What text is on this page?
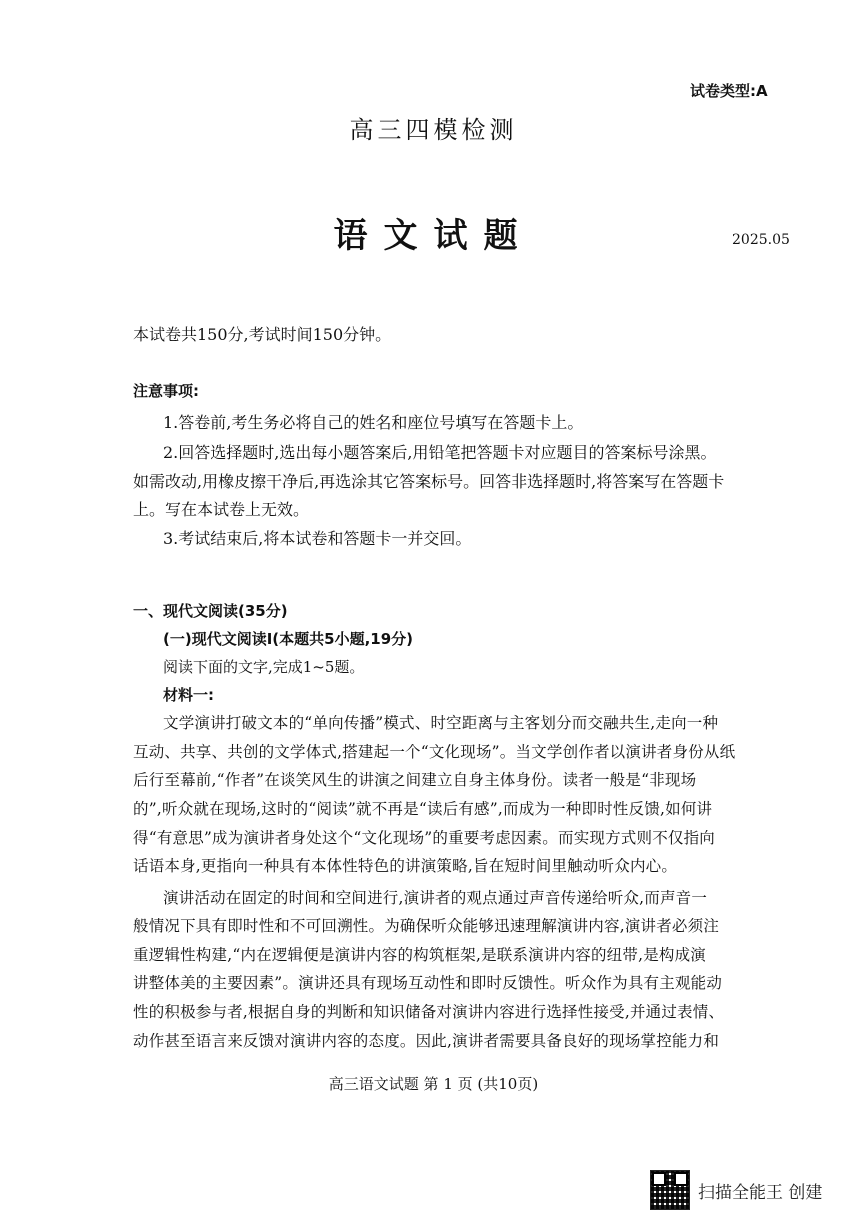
试卷类型:A
高三四模检测
语文试题	2025.05
本试卷共150分,考试时间150分钟。
注意事项:
1.答卷前,考生务必将自己的姓名和座位号填写在答题卡上。
2.回答选择题时,选出每小题答案后,用铅笔把答题卡对应题目的答案标号涂黑。
如需改动,用橡皮擦干净后,再选涂其它答案标号。回答非选择题时,将答案写在答题卡
上。写在本试卷上无效。
3.考试结束后,将本试卷和答题卡一并交回。
一、现代文阅读(35分)
(一)现代文阅读I(本题共5小题,19分)
阅读下面的文字,完成1~5题。
材料一:
文学演讲打破文本的“单向传播”模式、时空距离与主客划分而交融共生,走向一种
互动、共享、共创的文学体式,搭建起一个“文化现场”。当文学创作者以演讲者身份从纸
后行至幕前,“作者”在谈笑风生的讲演之间建立自身主体身份。读者一般是“非现场
的”,听众就在现场,这时的“阅读”就不再是“读后有感”,而成为一种即时性反馈,如何讲
得“有意思”成为演讲者身处这个“文化现场”的重要考虑因素。而实现方式则不仅指向
话语本身,更指向一种具有本体性特色的讲演策略,旨在短时间里触动听众内心。
演讲活动在固定的时间和空间进行,演讲者的观点通过声音传递给听众,而声音一
般情况下具有即时性和不可回溯性。为确保听众能够迅速理解演讲内容,演讲者必须注
重逻辑性构建,“内在逻辑便是演讲内容的构筑框架,是联系演讲内容的纽带,是构成演
讲整体美的主要因素”。演讲还具有现场互动性和即时反馈性。听众作为具有主观能动
性的积极参与者,根据自身的判断和知识储备对演讲内容进行选择性接受,并通过表情、
动作甚至语言来反馈对演讲内容的态度。因此,演讲者需要具备良好的现场掌控能力和
高三语文试题 第 1 页 (共10页)
扫描全能王 创建
